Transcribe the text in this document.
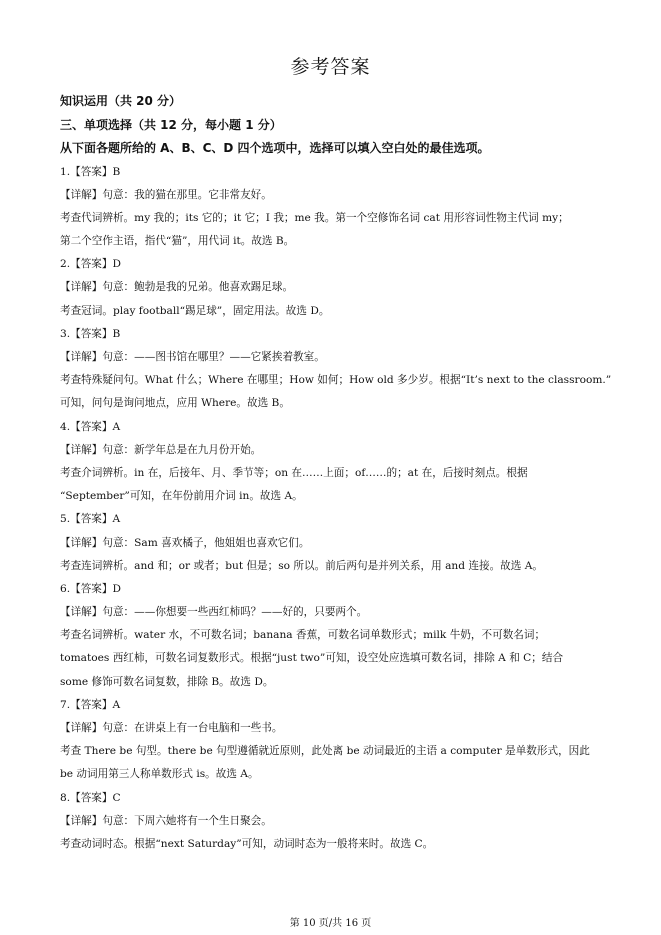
参考答案
知识运用（共 20 分）
三、单项选择（共 12 分，每小题 1 分）
从下面各题所给的 A、B、C、D 四个选项中，选择可以填入空白处的最佳选项。
1.【答案】B
【详解】句意：我的猫在那里。它非常友好。
考查代词辨析。my 我的；its 它的；it 它；I 我；me 我。第一个空修饰名词 cat 用形容词性物主代词 my；
第二个空作主语，指代“猫”，用代词 it。故选 B。
2.【答案】D
【详解】句意：鲍勃是我的兄弟。他喜欢踢足球。
考查冠词。play football“踢足球”，固定用法。故选 D。
3.【答案】B
【详解】句意：——图书馆在哪里？——它紧挨着教室。
考查特殊疑问句。What 什么；Where 在哪里；How 如何；How old 多少岁。根据“It’s next to the classroom.”
可知，问句是询问地点，应用 Where。故选 B。
4.【答案】A
【详解】句意：新学年总是在九月份开始。
考查介词辨析。in 在，后接年、月、季节等；on 在……上面；of……的；at 在，后接时刻点。根据
“September”可知，在年份前用介词 in。故选 A。
5.【答案】A
【详解】句意：Sam 喜欢橘子，他姐姐也喜欢它们。
考查连词辨析。and 和；or 或者；but 但是；so 所以。前后两句是并列关系，用 and 连接。故选 A。
6.【答案】D
【详解】句意：——你想要一些西红柿吗？——好的，只要两个。
考查名词辨析。water 水，不可数名词；banana 香蕉，可数名词单数形式；milk 牛奶，不可数名词；
tomatoes 西红柿，可数名词复数形式。根据“just two”可知，设空处应选填可数名词，排除 A 和 C；结合
some 修饰可数名词复数，排除 B。故选 D。
7.【答案】A
【详解】句意：在讲桌上有一台电脑和一些书。
考查 There be 句型。there be 句型遵循就近原则，此处离 be 动词最近的主语 a computer 是单数形式，因此
be 动词用第三人称单数形式 is。故选 A。
8.【答案】C
【详解】句意：下周六她将有一个生日聚会。
考查动词时态。根据“next Saturday”可知，动词时态为一般将来时。故选 C。
第 10 页/共 16 页
